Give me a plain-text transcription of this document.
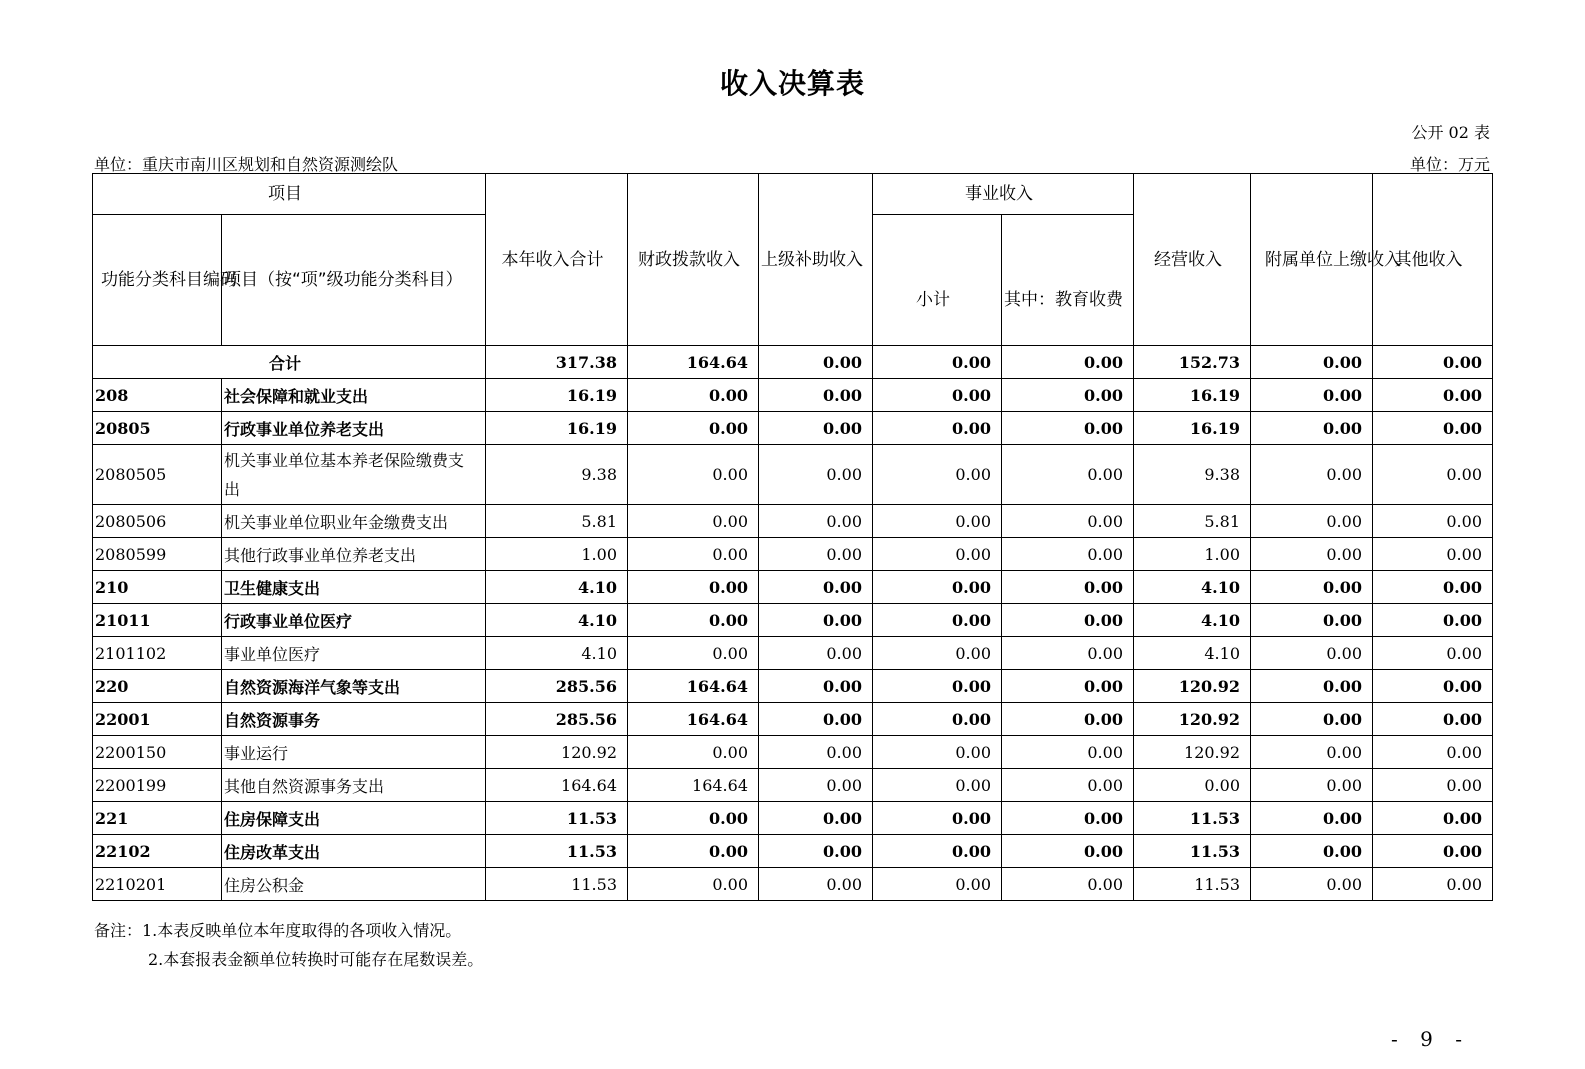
收入决算表
公开 02 表
单位：重庆市南川区规划和自然资源测绘队	单位：万元
项目		本年收入合计	财政拨款收入	上级补助收入	事业收入		经营收入	附属单位上缴收入	其他收入
功能分类科目编码	项目（按“项”级功能分类科目）				小计	其中：教育收费			
合计		317.38	164.64	0.00	0.00	0.00	152.73	0.00	0.00
208	社会保障和就业支出	16.19	0.00	0.00	0.00	0.00	16.19	0.00	0.00
20805	行政事业单位养老支出	16.19	0.00	0.00	0.00	0.00	16.19	0.00	0.00
2080505	机关事业单位基本养老保险缴费支出	9.38	0.00	0.00	0.00	0.00	9.38	0.00	0.00
2080506	机关事业单位职业年金缴费支出	5.81	0.00	0.00	0.00	0.00	5.81	0.00	0.00
2080599	其他行政事业单位养老支出	1.00	0.00	0.00	0.00	0.00	1.00	0.00	0.00
210	卫生健康支出	4.10	0.00	0.00	0.00	0.00	4.10	0.00	0.00
21011	行政事业单位医疗	4.10	0.00	0.00	0.00	0.00	4.10	0.00	0.00
2101102	事业单位医疗	4.10	0.00	0.00	0.00	0.00	4.10	0.00	0.00
220	自然资源海洋气象等支出	285.56	164.64	0.00	0.00	0.00	120.92	0.00	0.00
22001	自然资源事务	285.56	164.64	0.00	0.00	0.00	120.92	0.00	0.00
2200150	事业运行	120.92	0.00	0.00	0.00	0.00	120.92	0.00	0.00
2200199	其他自然资源事务支出	164.64	164.64	0.00	0.00	0.00	0.00	0.00	0.00
221	住房保障支出	11.53	0.00	0.00	0.00	0.00	11.53	0.00	0.00
22102	住房改革支出	11.53	0.00	0.00	0.00	0.00	11.53	0.00	0.00
2210201	住房公积金	11.53	0.00	0.00	0.00	0.00	11.53	0.00	0.00
备注：1.本表反映单位本年度取得的各项收入情况。
2.本套报表金额单位转换时可能存在尾数误差。
- 9 -
